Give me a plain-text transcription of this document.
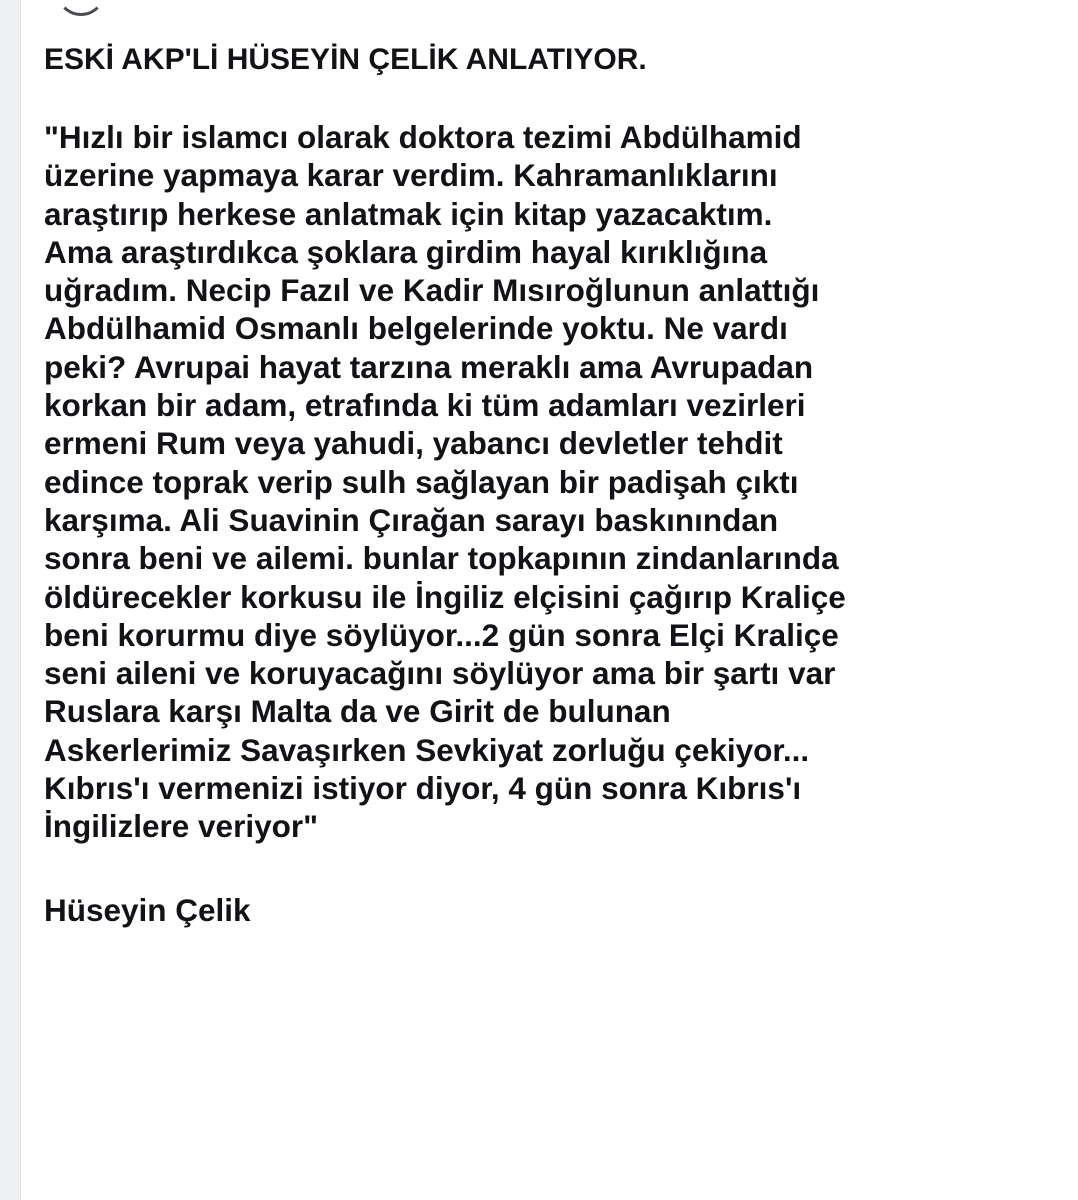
ESKİ AKP'Lİ HÜSEYİN ÇELİK ANLATIYOR.
"Hızlı bir islamcı olarak doktora tezimi Abdülhamid
üzerine yapmaya karar verdim. Kahramanlıklarını
araştırıp herkese anlatmak için kitap yazacaktım.
Ama araştırdıkca şoklara girdim hayal kırıklığına
uğradım. Necip Fazıl ve Kadir Mısıroğlunun anlattığı
Abdülhamid Osmanlı belgelerinde yoktu. Ne vardı
peki? Avrupai hayat tarzına meraklı ama Avrupadan
korkan bir adam, etrafında ki tüm adamları vezirleri
ermeni Rum veya yahudi, yabancı devletler tehdit
edince toprak verip sulh sağlayan bir padişah çıktı
karşıma. Ali Suavinin Çırağan sarayı baskınından
sonra beni ve ailemi. bunlar topkapının zindanlarında
öldürecekler korkusu ile İngiliz elçisini çağırıp Kraliçe
beni korurmu diye söylüyor...2 gün sonra Elçi Kraliçe
seni aileni ve koruyacağını söylüyor ama bir şartı var
Ruslara karşı Malta da ve Girit de bulunan
Askerlerimiz Savaşırken Sevkiyat zorluğu çekiyor...
Kıbrıs'ı vermenizi istiyor diyor, 4 gün sonra Kıbrıs'ı
İngilizlere veriyor"
Hüseyin Çelik
